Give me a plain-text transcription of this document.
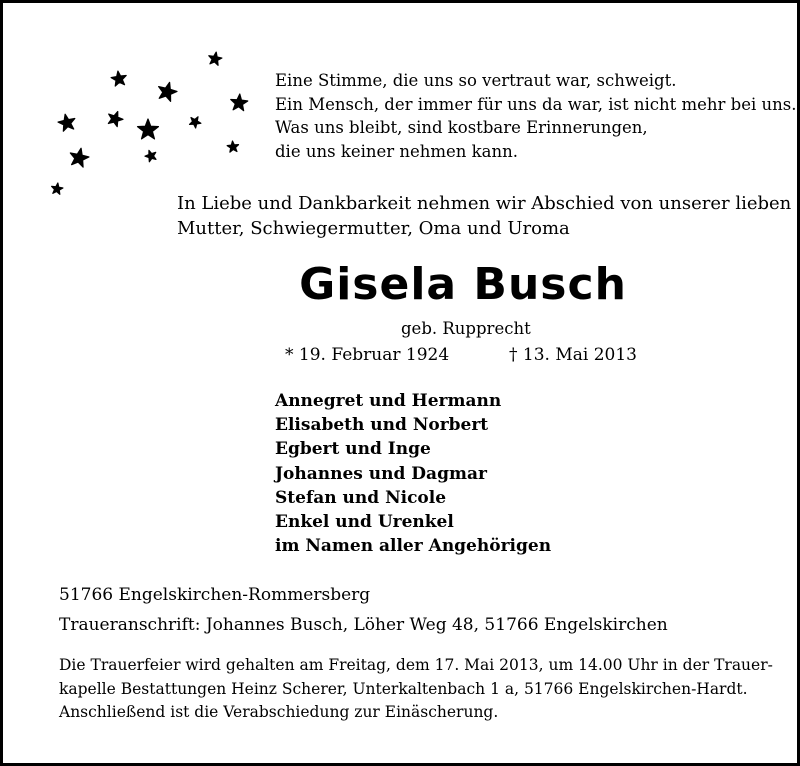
Eine Stimme, die uns so vertraut war, schweigt.
Ein Mensch, der immer für uns da war, ist nicht mehr bei uns.
Was uns bleibt, sind kostbare Erinnerungen,
die uns keiner nehmen kann.
In Liebe und Dankbarkeit nehmen wir Abschied von unserer lieben
Mutter, Schwiegermutter, Oma und Uroma
Gisela Busch
geb. Rupprecht
* 19. Februar 1924	† 13. Mai 2013
Annegret und Hermann
Elisabeth und Norbert
Egbert und Inge
Johannes und Dagmar
Stefan und Nicole
Enkel und Urenkel
im Namen aller Angehörigen
51766 Engelskirchen-Rommersberg
Traueranschrift: Johannes Busch, Löher Weg 48, 51766 Engelskirchen
Die Trauerfeier wird gehalten am Freitag, dem 17. Mai 2013, um 14.00 Uhr in der Trauer-
kapelle Bestattungen Heinz Scherer, Unterkaltenbach 1 a, 51766 Engelskirchen-Hardt.
Anschließend ist die Verabschiedung zur Einäscherung.
